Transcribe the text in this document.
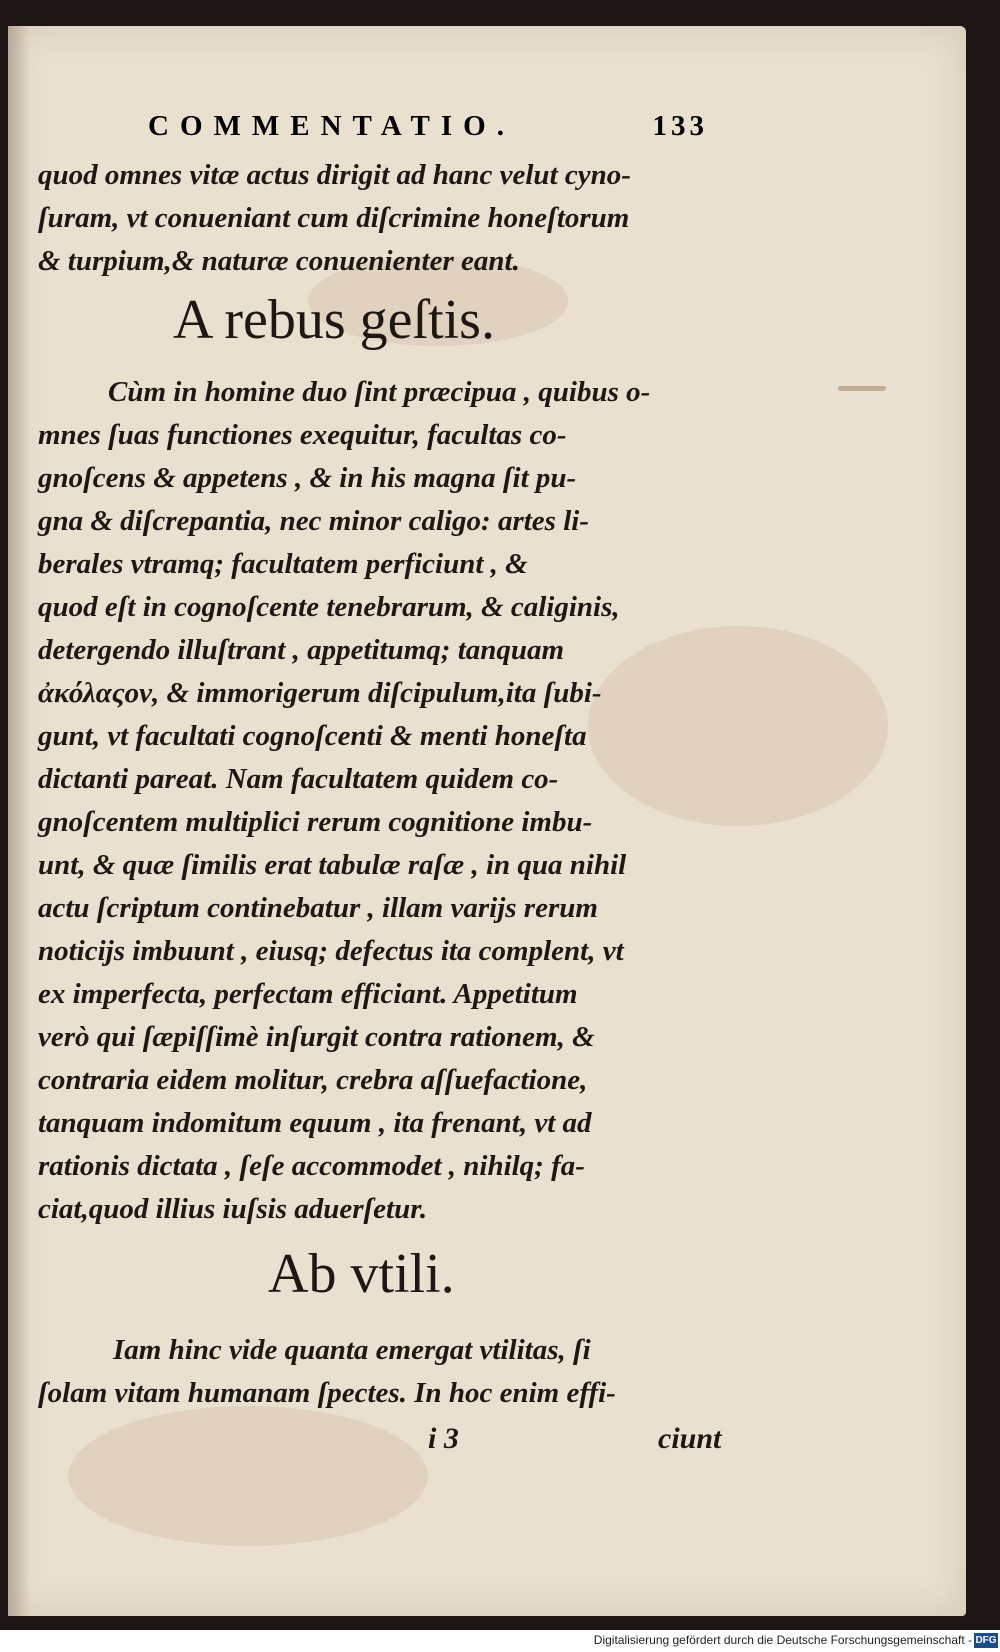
COMMENTATIO.	133
quod omnes vitæ actus dirigit ad hanc velut cyno-
ſuram, vt conueniant cum diſcrimine honeſtorum
& turpium,& naturæ conuenienter eant.
A rebus geſtis.
Cùm in homine duo ſint præcipua , quibus o-
mnes ſuas functiones exequitur, facultas co-
gnoſcens & appetens , & in his magna ſit pu-
gna & diſcrepantia, nec minor caligo: artes li-
berales vtramq; facultatem perficiunt , &
quod eſt in cognoſcente tenebrarum, & caliginis,
detergendo illuſtrant , appetitumq; tanquam
ἀκόλαςον, & immorigerum diſcipulum,ita ſubi-
gunt, vt facultati cognoſcenti & menti honeſta
dictanti pareat. Nam facultatem quidem co-
gnoſcentem multiplici rerum cognitione imbu-
unt, & quæ ſimilis erat tabulæ raſæ , in qua nihil
actu ſcriptum continebatur , illam varijs rerum
noticijs imbuunt , eiusq; defectus ita complent, vt
ex imperfecta, perfectam efficiant. Appetitum
verò qui ſæpiſſimè inſurgit contra rationem, &
contraria eidem molitur, crebra aſſuefactione,
tanquam indomitum equum , ita frenant, vt ad
rationis dictata , ſeſe accommodet , nihilq; fa-
ciat,quod illius iuſsis aduerſetur.
Ab vtili.
Iam hinc vide quanta emergat vtilitas, ſi
ſolam vitam humanam ſpectes. In hoc enim effi-
i 3	ciunt
Digitalisierung gefördert durch die Deutsche Forschungsgemeinschaft - DFG
